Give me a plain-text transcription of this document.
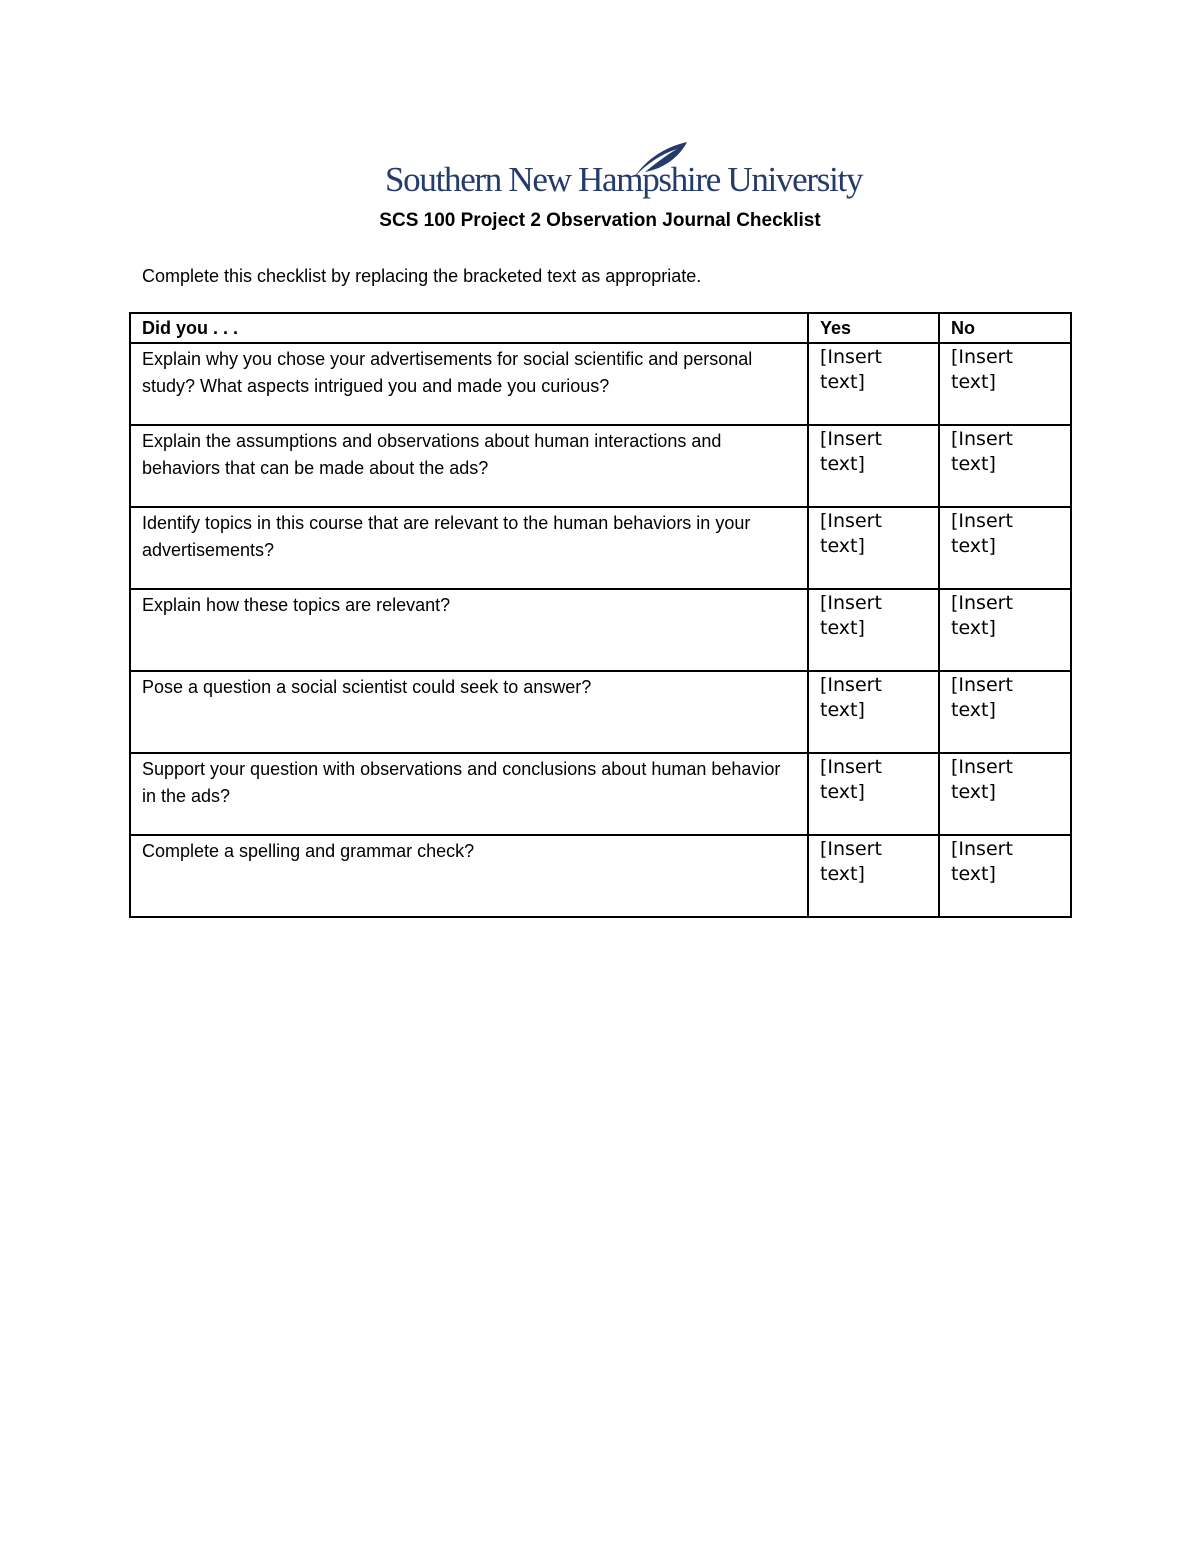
Southern New Hampshire University
SCS 100 Project 2 Observation Journal Checklist

Complete this checklist by replacing the bracketed text as appropriate.

Did you . . .	Yes	No
Explain why you chose your advertisements for social scientific and personal study? What aspects intrigued you and made you curious?	[Insert text]	[Insert text]
Explain the assumptions and observations about human interactions and behaviors that can be made about the ads?	[Insert text]	[Insert text]
Identify topics in this course that are relevant to the human behaviors in your advertisements?	[Insert text]	[Insert text]
Explain how these topics are relevant?	[Insert text]	[Insert text]
Pose a question a social scientist could seek to answer?	[Insert text]	[Insert text]
Support your question with observations and conclusions about human behavior in the ads?	[Insert text]	[Insert text]
Complete a spelling and grammar check?	[Insert text]	[Insert text]
